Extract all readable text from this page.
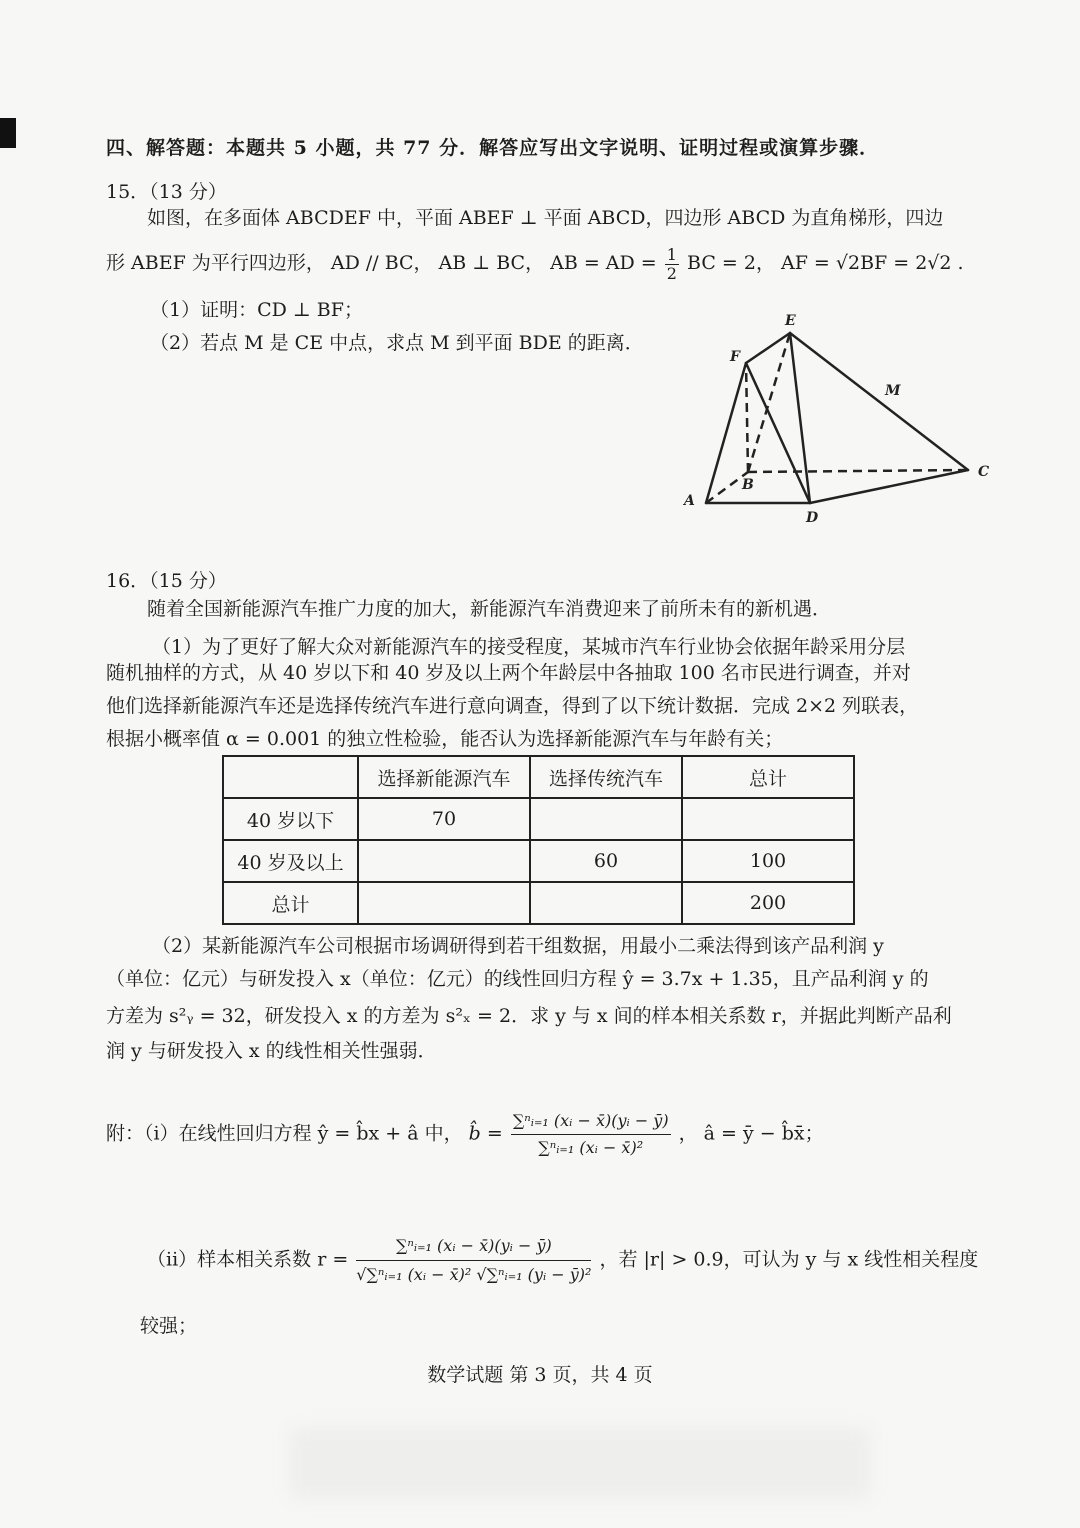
四、解答题：本题共 5 小题，共 77 分．解答应写出文字说明、证明过程或演算步骤．
15．（13 分）
如图，在多面体 ABCDEF 中，平面 ABEF ⊥ 平面 ABCD，四边形 ABCD 为直角梯形，四边
形 ABEF 为平行四边形， AD // BC， AB ⊥ BC， AB = AD = $\frac{1}{2}$ BC = 2， AF = √2BF = 2√2 .
（1）证明：CD ⊥ BF；
（2）若点 M 是 CE 中点，求点 M 到平面 BDE 的距离．
A
B
C
D
E
F
M
16．（15 分）
随着全国新能源汽车推广力度的加大，新能源汽车消费迎来了前所未有的新机遇．
（1）为了更好了解大众对新能源汽车的接受程度，某城市汽车行业协会依据年龄采用分层
随机抽样的方式，从 40 岁以下和 40 岁及以上两个年龄层中各抽取 100 名市民进行调查，并对
他们选择新能源汽车还是选择传统汽车进行意向调查，得到了以下统计数据．完成 2×2 列联表，
根据小概率值 α = 0.001 的独立性检验，能否认为选择新能源汽车与年龄有关；
	选择新能源汽车	选择传统汽车	总计
40 岁以下	70		
40 岁及以上		60	100
总计			200
（2）某新能源汽车公司根据市场调研得到若干组数据，用最小二乘法得到该产品利润 y
（单位：亿元）与研发投入 x（单位：亿元）的线性回归方程 ŷ = 3.7x + 1.35，且产品利润 y 的
方差为 s²ᵧ = 32，研发投入 x 的方差为 s²ₓ = 2．求 y 与 x 间的样本相关系数 r，并据此判断产品利
润 y 与研发投入 x 的线性相关性强弱．
附：（i）在线性回归方程 ŷ = b̂x + â 中， b̂ = $\frac{\text{∑ⁿᵢ₌₁ (xᵢ − x̄)(yᵢ − ȳ)}}{\text{∑ⁿᵢ₌₁ (xᵢ − x̄)²}}$ ， â = ȳ − b̂x̄；
（ii）样本相关系数 $r = \frac{\text{∑ⁿᵢ₌₁ (xᵢ − x̄)(yᵢ − ȳ)}}{\text{√∑ⁿᵢ₌₁ (xᵢ − x̄)² √∑ⁿᵢ₌₁ (yᵢ − ȳ)²}}$ ，若 |r| > 0.9，可认为 y 与 x 线性相关程度
较强；
数学试题 第 3 页，共 4 页
